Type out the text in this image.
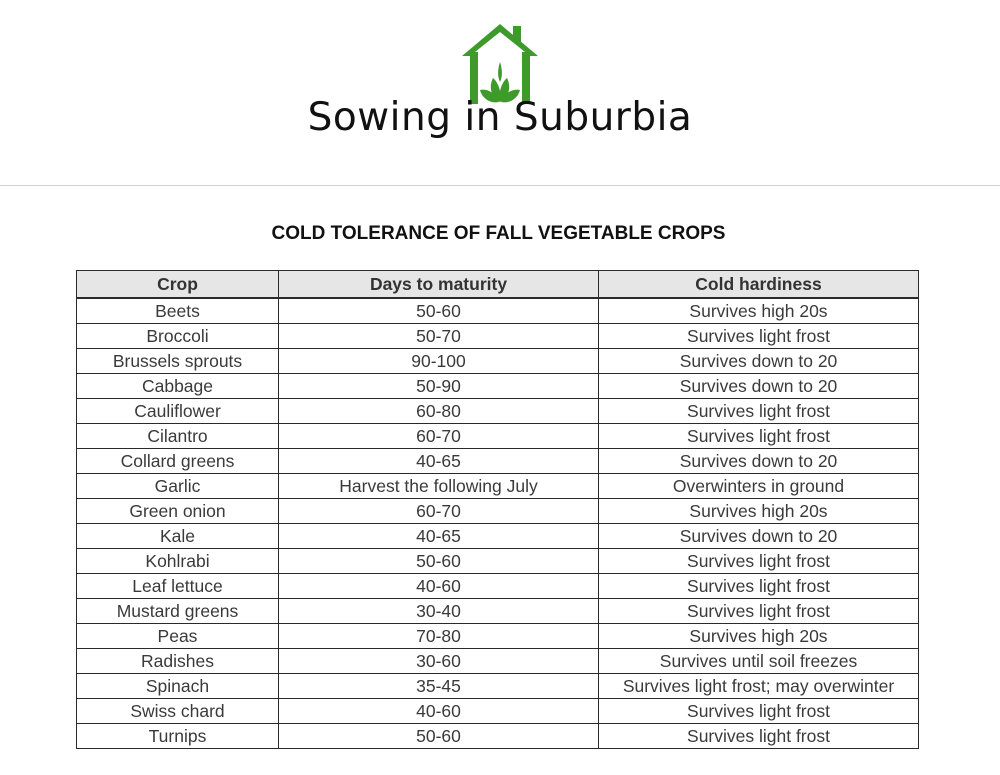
Sowing in Suburbia
COLD TOLERANCE OF FALL VEGETABLE CROPS
Crop	Days to maturity	Cold hardiness
Beets	50-60	Survives high 20s
Broccoli	50-70	Survives light frost
Brussels sprouts	90-100	Survives down to 20
Cabbage	50-90	Survives down to 20
Cauliflower	60-80	Survives light frost
Cilantro	60-70	Survives light frost
Collard greens	40-65	Survives down to 20
Garlic	Harvest the following July	Overwinters in ground
Green onion	60-70	Survives high 20s
Kale	40-65	Survives down to 20
Kohlrabi	50-60	Survives light frost
Leaf lettuce	40-60	Survives light frost
Mustard greens	30-40	Survives light frost
Peas	70-80	Survives high 20s
Radishes	30-60	Survives until soil freezes
Spinach	35-45	Survives light frost; may overwinter
Swiss chard	40-60	Survives light frost
Turnips	50-60	Survives light frost
